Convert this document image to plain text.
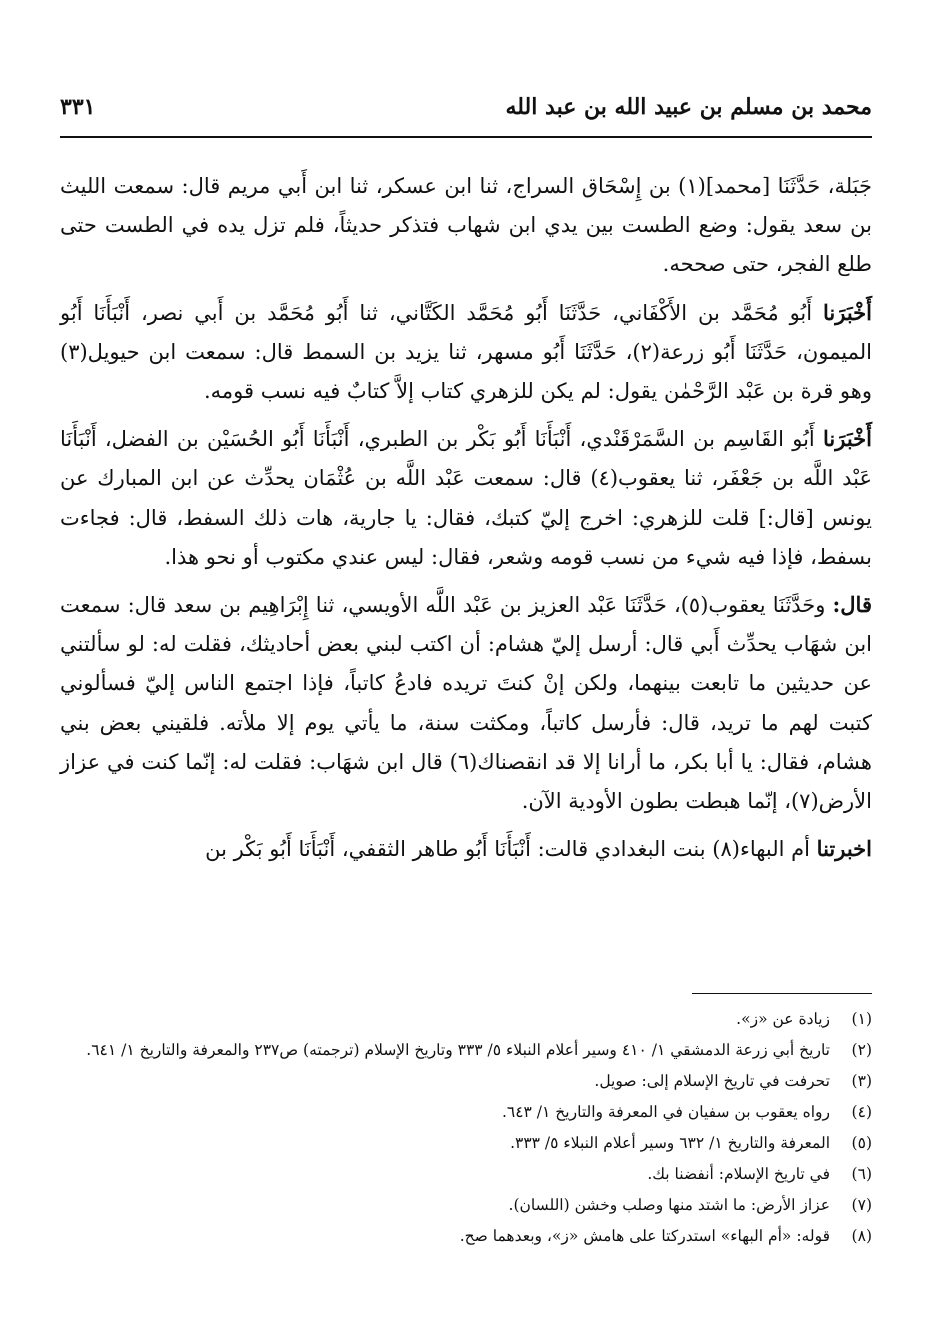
محمد بن مسلم بن عبيد الله بن عبد الله
٣٣١

جَبَلة، حَدَّثَنَا [محمد](١) بن إِسْحَاق السراج، ثنا ابن عسكر، ثنا ابن أَبي مريم قال: سمعت الليث بن سعد يقول: وضع الطست بين يدي ابن شهاب فتذكر حديثاً، فلم تزل يده في الطست حتى طلع الفجر، حتى صححه.

أَخْبَرَنا أَبُو مُحَمَّد بن الأَكْفَاني، حَدَّثَنَا أَبُو مُحَمَّد الكَتَّاني، ثنا أَبُو مُحَمَّد بن أَبي نصر، أَنْبَأَنَا أَبُو الميمون، حَدَّثَنَا أَبُو زرعة(٢)، حَدَّثَنَا أَبُو مسهر، ثنا يزيد بن السمط قال: سمعت ابن حيويل(٣) وهو قرة بن عَبْد الرَّحْمٰن يقول: لم يكن للزهري كتاب إلاَّ كتابٌ فيه نسب قومه.

أَخْبَرَنا أَبُو القَاسِم بن السَّمَرْقَنْدي، أَنْبَأَنَا أَبُو بَكْر بن الطبري، أَنْبَأَنَا أَبُو الحُسَيْن بن الفضل، أَنْبَأَنَا عَبْد اللَّه بن جَعْفَر، ثنا يعقوب(٤) قال: سمعت عَبْد اللَّه بن عُثْمَان يحدِّث عن ابن المبارك عن يونس [قال:] قلت للزهري: اخرج إليّ كتبك، فقال: يا جارية، هات ذلك السفط، قال: فجاءت بسفط، فإذا فيه شيء من نسب قومه وشعر، فقال: ليس عندي مكتوب أو نحو هذا.

قال: وحَدَّثَنَا يعقوب(٥)، حَدَّثَنَا عَبْد العزيز بن عَبْد اللَّه الأويسي، ثنا إِبْرَاهِيم بن سعد قال: سمعت ابن شهَاب يحدِّث أَبي قال: أرسل إليّ هشام: أن اكتب لبني بعض أحاديثك، فقلت له: لو سألتني عن حديثين ما تابعت بينهما، ولكن إنْ كنتَ تريده فادعُ كاتباً، فإذا اجتمع الناس إليّ فسألوني كتبت لهم ما تريد، قال: فأرسل كاتباً، ومكثت سنة، ما يأتي يوم إلا ملأته. فلقيني بعض بني هشام، فقال: يا أبا بكر، ما أرانا إلا قد انقصناك(٦) قال ابن شهَاب: فقلت له: إنّما كنت في عزاز الأرض(٧)، إنّما هبطت بطون الأودية الآن.

اخبرتنا أم البهاء(٨) بنت البغدادي قالت: أَنْبَأَنَا أَبُو طاهر الثقفي، أَنْبَأَنَا أَبُو بَكْر بن

(١)
زيادة عن «ز».
(٢)
تاريخ أبي زرعة الدمشقي ١/ ٤١٠ وسير أعلام النبلاء ٥/ ٣٣٣ وتاريخ الإسلام (ترجمته) ص٢٣٧ والمعرفة والتاريخ ١/ ٦٤١.
(٣)
تحرفت في تاريخ الإسلام إلى: صويل.
(٤)
رواه يعقوب بن سفيان في المعرفة والتاريخ ١/ ٦٤٣.
(٥)
المعرفة والتاريخ ١/ ٦٣٢ وسير أعلام النبلاء ٥/ ٣٣٣.
(٦)
في تاريخ الإسلام: أنفضنا بك.
(٧)
عزاز الأرض: ما اشتد منها وصلب وخشن (اللسان).
(٨)
قوله: «أم البهاء» استدركتا على هامش «ز»، وبعدهما صح.
